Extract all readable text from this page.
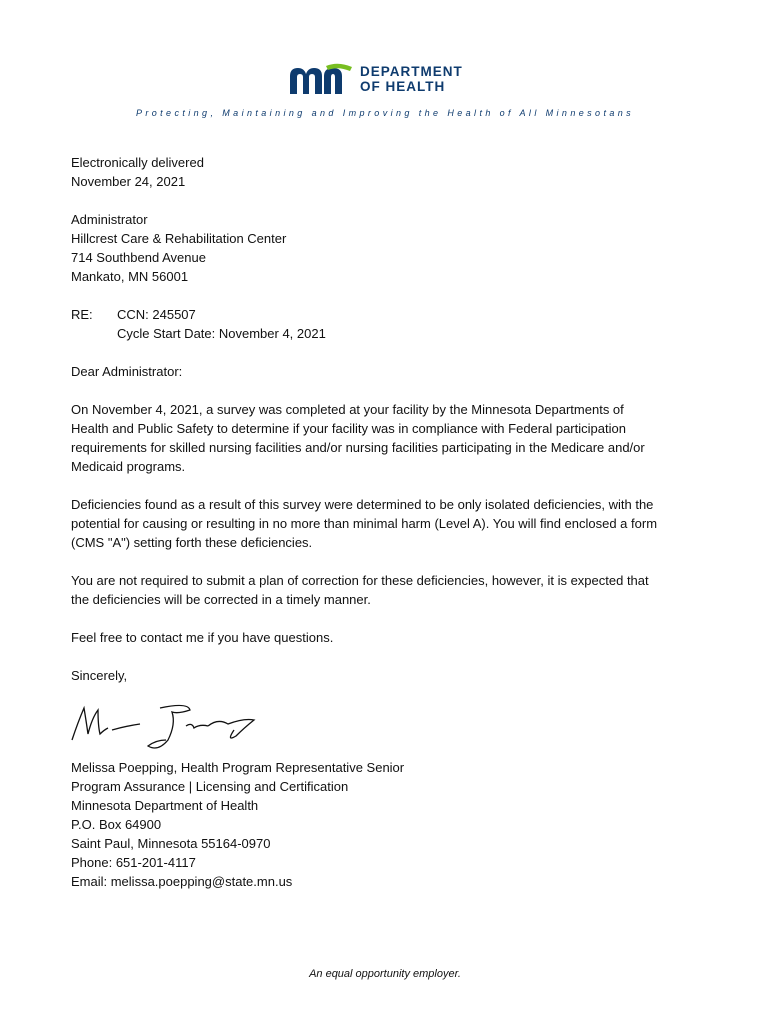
DEPARTMENT
OF HEALTH
Protecting, Maintaining and Improving the Health of All Minnesotans
Electronically delivered
November 24, 2021
Administrator
Hillcrest Care & Rehabilitation Center
714 Southbend Avenue
Mankato, MN 56001
RE: CCN: 245507
Cycle Start Date: November 4, 2021
Dear Administrator:
On November 4, 2021, a survey was completed at your facility by the Minnesota Departments of
Health and Public Safety to determine if your facility was in compliance with Federal participation
requirements for skilled nursing facilities and/or nursing facilities participating in the Medicare and/or
Medicaid programs.
Deficiencies found as a result of this survey were determined to be only isolated deficiencies, with the
potential for causing or resulting in no more than minimal harm (Level A). You will find enclosed a form
(CMS "A") setting forth these deficiencies.
You are not required to submit a plan of correction for these deficiencies, however, it is expected that
the deficiencies will be corrected in a timely manner.
Feel free to contact me if you have questions.
Sincerely,
Melissa Poepping, Health Program Representative Senior
Program Assurance | Licensing and Certification
Minnesota Department of Health
P.O. Box 64900
Saint Paul, Minnesota 55164-0970
Phone: 651-201-4117
Email: melissa.poepping@state.mn.us
An equal opportunity employer.
